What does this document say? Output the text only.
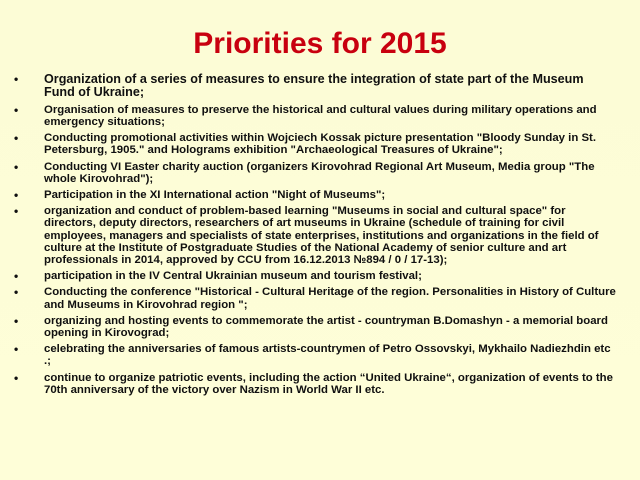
Priorities for 2015
• Organization of a series of measures to ensure the integration of state part of the Museum Fund of Ukraine;
• Organisation of measures to preserve the historical and cultural values during military operations and emergency situations;
• Conducting promotional activities within Wojciech Kossak picture presentation "Bloody Sunday in St. Petersburg, 1905." and Holograms exhibition "Archaeological Treasures of Ukraine";
• Conducting VI Easter charity auction (organizers Kirovohrad Regional Art Museum, Media group "The whole Kirovohrad");
• Participation in the XI International action "Night of Museums";
• organization and conduct of problem-based learning "Museums in social and cultural space" for directors, deputy directors, researchers of art museums in Ukraine (schedule of training for civil employees, managers and specialists of state enterprises, institutions and organizations in the field of culture at the Institute of Postgraduate Studies of the National Academy of senior culture and art professionals in 2014, approved by CCU from 16.12.2013 №894 / 0 / 17-13);
• participation in the IV Central Ukrainian museum and tourism festival;
• Conducting the conference "Historical - Cultural Heritage of the region. Personalities in History of Culture and Museums in Kirovohrad region ";
• organizing and hosting events to commemorate the artist - countryman B.Domashyn - a memorial board opening in Kirovograd;
• celebrating the anniversaries of famous artists-countrymen of Petro Ossovskyi, Mykhailo Nadiezhdin etc .;
• continue to organize patriotic events, including the action “United Ukraine“, organization of events to the 70th anniversary of the victory over Nazism in World War II etc.
